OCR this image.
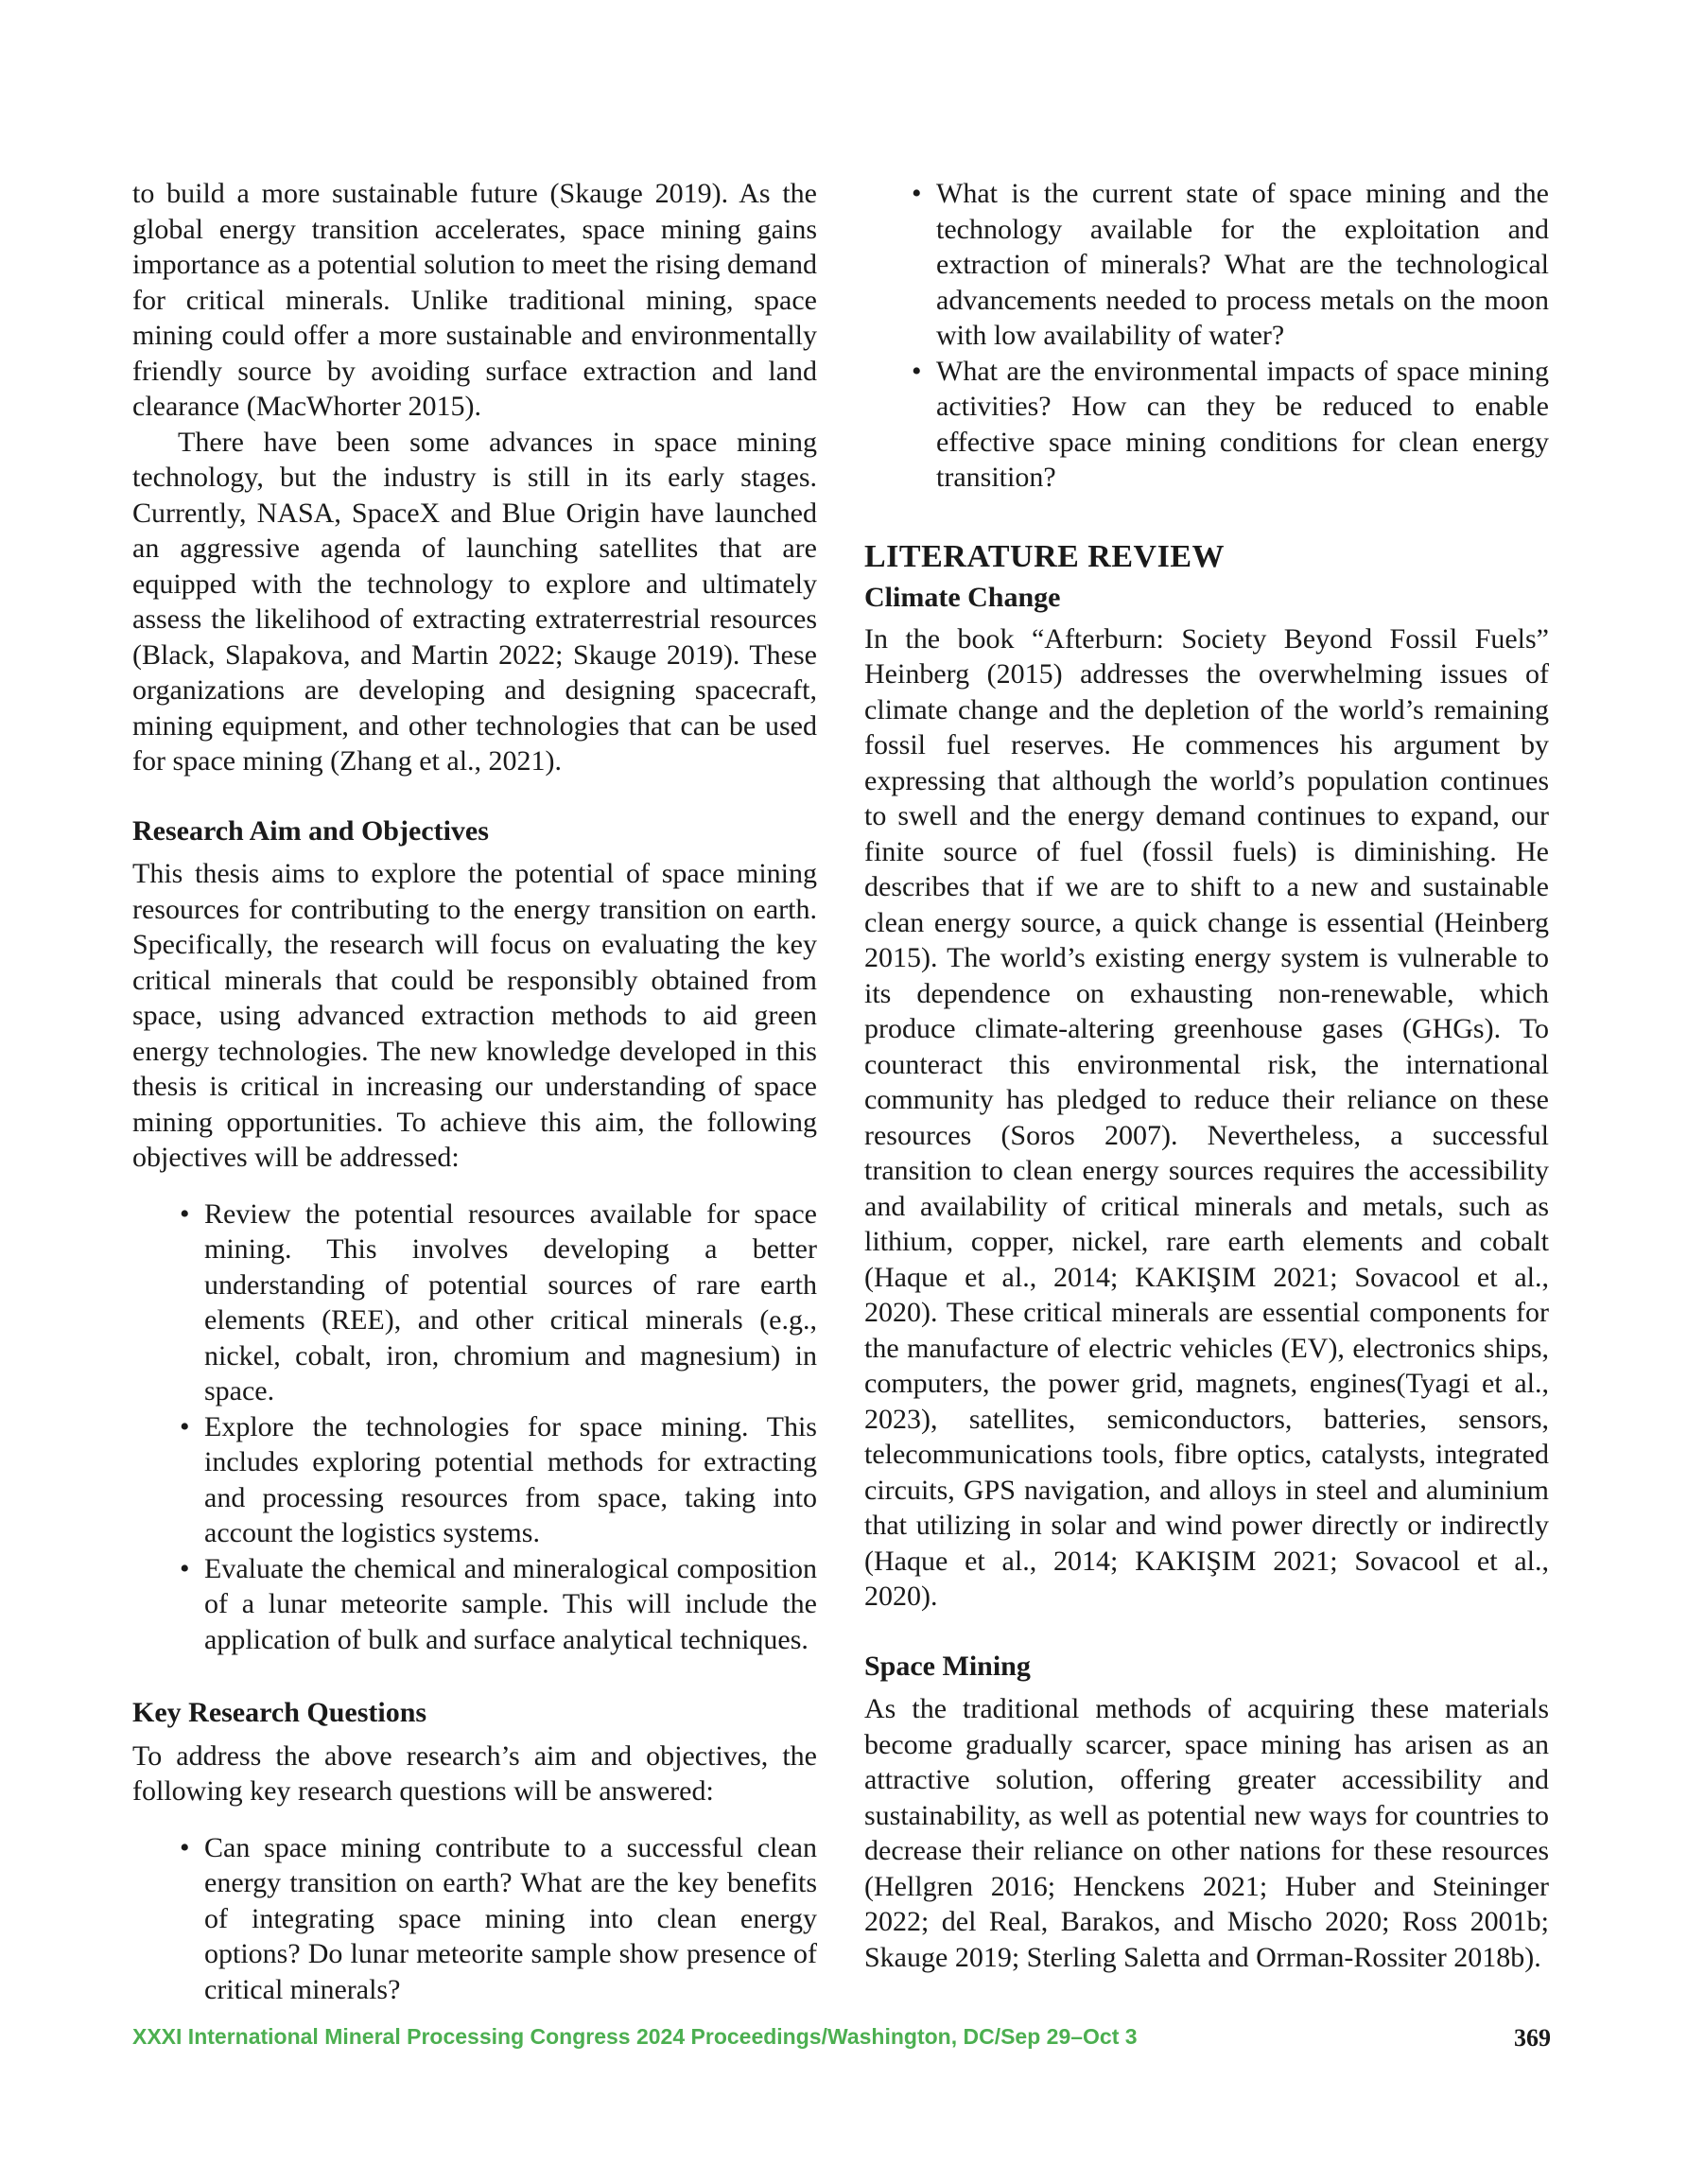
to build a more sustainable future (Skauge 2019). As the global energy transition accelerates, space mining gains importance as a potential solution to meet the rising demand for critical minerals. Unlike traditional mining, space mining could offer a more sustainable and environmentally friendly source by avoiding surface extraction and land clearance (MacWhorter 2015).

There have been some advances in space mining technology, but the industry is still in its early stages. Currently, NASA, SpaceX and Blue Origin have launched an aggressive agenda of launching satellites that are equipped with the technology to explore and ultimately assess the likelihood of extracting extraterrestrial resources (Black, Slapakova, and Martin 2022; Skauge 2019). These organizations are developing and designing spacecraft, mining equipment, and other technologies that can be used for space mining (Zhang et al., 2021).

Research Aim and Objectives

This thesis aims to explore the potential of space mining resources for contributing to the energy transition on earth. Specifically, the research will focus on evaluating the key critical minerals that could be responsibly obtained from space, using advanced extraction methods to aid green energy technologies. The new knowledge developed in this thesis is critical in increasing our understanding of space mining opportunities. To achieve this aim, the following objectives will be addressed:

• Review the potential resources available for space mining. This involves developing a better understanding of potential sources of rare earth elements (REE), and other critical minerals (e.g., nickel, cobalt, iron, chromium and magnesium) in space.
• Explore the technologies for space mining. This includes exploring potential methods for extracting and processing resources from space, taking into account the logistics systems.
• Evaluate the chemical and mineralogical composition of a lunar meteorite sample. This will include the application of bulk and surface analytical techniques.
Key Research Questions

To address the above research’s aim and objectives, the following key research questions will be answered:

• Can space mining contribute to a successful clean energy transition on earth? What are the key benefits of integrating space mining into clean energy options? Do lunar meteorite sample show presence of critical minerals?
• What is the current state of space mining and the technology available for the exploitation and extraction of minerals? What are the technological advancements needed to process metals on the moon with low availability of water?
• What are the environmental impacts of space mining activities? How can they be reduced to enable effective space mining conditions for clean energy transition?
LITERATURE REVIEW
Climate Change

In the book “Afterburn: Society Beyond Fossil Fuels” Heinberg (2015) addresses the overwhelming issues of climate change and the depletion of the world’s remaining fossil fuel reserves. He commences his argument by expressing that although the world’s population continues to swell and the energy demand continues to expand, our finite source of fuel (fossil fuels) is diminishing. He describes that if we are to shift to a new and sustainable clean energy source, a quick change is essential (Heinberg 2015). The world’s existing energy system is vulnerable to its dependence on exhausting non-renewable, which produce climate-altering greenhouse gases (GHGs). To counteract this environmental risk, the international community has pledged to reduce their reliance on these resources (Soros 2007). Nevertheless, a successful transition to clean energy sources requires the accessibility and availability of critical minerals and metals, such as lithium, copper, nickel, rare earth elements and cobalt (Haque et al., 2014; KAKIŞIM 2021; Sovacool et al., 2020). These critical minerals are essential components for the manufacture of electric vehicles (EV), electronics ships, computers, the power grid, magnets, engines(Tyagi et al., 2023), satellites, semiconductors, batteries, sensors, telecommunications tools, fibre optics, catalysts, integrated circuits, GPS navigation, and alloys in steel and aluminium that utilizing in solar and wind power directly or indirectly (Haque et al., 2014; KAKIŞIM 2021; Sovacool et al., 2020).

Space Mining

As the traditional methods of acquiring these materials become gradually scarcer, space mining has arisen as an attractive solution, offering greater accessibility and sustainability, as well as potential new ways for countries to decrease their reliance on other nations for these resources (Hellgren 2016; Henckens 2021; Huber and Steininger 2022; del Real, Barakos, and Mischo 2020; Ross 2001b; Skauge 2019; Sterling Saletta and Orrman-Rossiter 2018b).

XXXI International Mineral Processing Congress 2024 Proceedings/Washington, DC/Sep 29–Oct 3	369
